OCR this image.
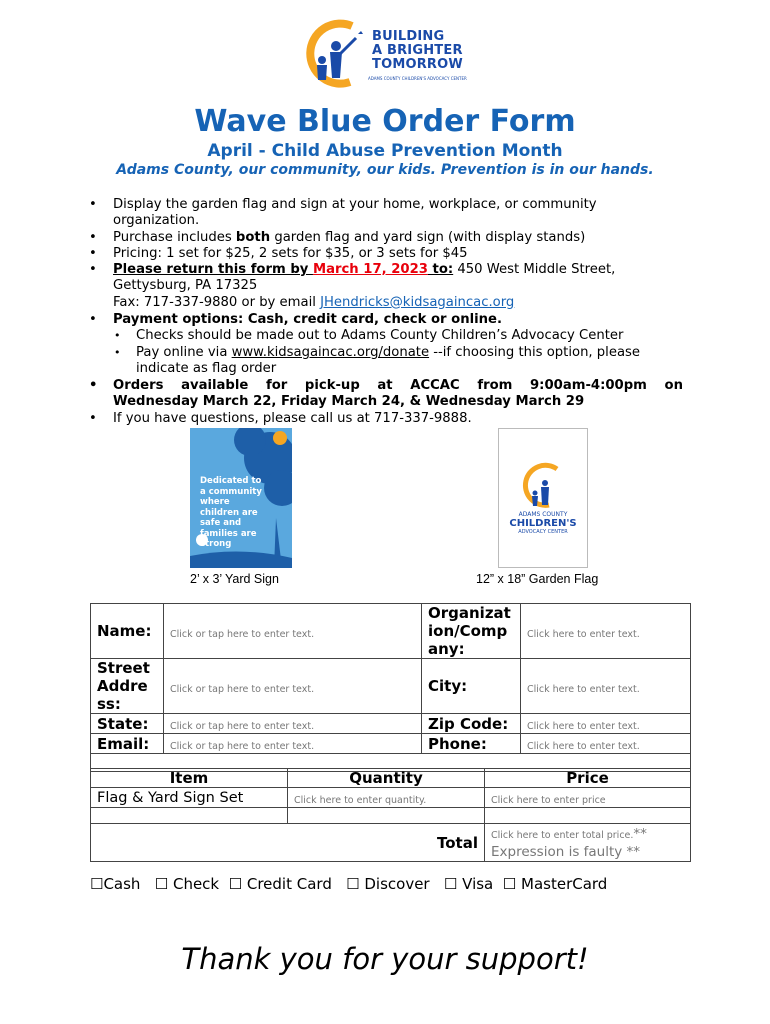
BUILDING
A BRIGHTER
TOMORROW
ADAMS COUNTY CHILDREN'S ADVOCACY CENTER
Wave Blue Order Form
April - Child Abuse Prevention Month
Adams County, our community, our kids. Prevention is in our hands.
• Display the garden flag and sign at your home, workplace, or community organization.
• Purchase includes both garden flag and yard sign (with display stands)
• Pricing: 1 set for $25, 2 sets for $35, or 3 sets for $45
• Please return this form by March 17, 2023 to: 450 West Middle Street,
Gettysburg, PA 17325
Fax: 717-337-9880 or by email JHendricks@kidsagaincac.org
• Payment options: Cash, credit card, check or online.
• Checks should be made out to Adams County Children’s Advocacy Center
• Pay online via www.kidsagaincac.org/donate --if choosing this option, please
indicate as flag order
• Orders available for pick-up at ACCAC from 9:00am-4:00pm on
Wednesday March 22, Friday March 24, & Wednesday March 29
• If you have questions, please call us at 717-337-9888.
Dedicated to a community where children are safe and families are strong
ADAMS COUNTY
CHILDREN'S
ADVOCACY CENTER
2’ x 3’ Yard Sign	12” x 18” Garden Flag
Name:	Click or tap here to enter text.	Organizat ion/Comp any:	Click here to enter text.
Street Addre ss:	Click or tap here to enter text.	City:	Click here to enter text.
State:	Click or tap here to enter text.	Zip Code:	Click here to enter text.
Email:	Click or tap here to enter text.	Phone:	Click here to enter text.

Item	Quantity	Price
Flag & Yard Sign Set	Click here to enter quantity.	Click here to enter price

Total		Click here to enter total price.**
Expression is faulty **
☐Cash ☐ Check ☐ Credit Card ☐ Discover ☐ Visa ☐ MasterCard
Thank you for your support!
